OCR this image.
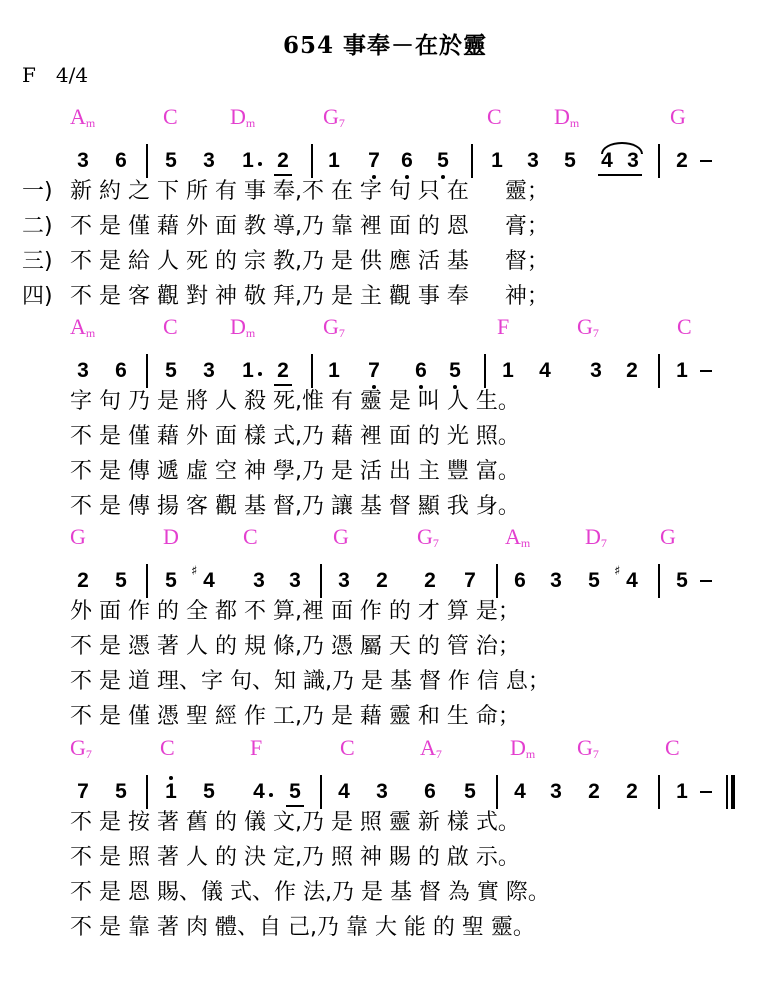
654 事奉－在於靈
F 4/4
$A_m$	C $D_m$	$G_7$	C $D_m$	G
3 6 5 3 1 2 1 7 6 5 1 3 5 4 3 2
一) 新 約 之 下 所 有 事 奉,不 在 字 句 只 在 　 靈；
二) 不 是 僅 藉 外 面 教 導,乃 靠 裡 面 的 恩 　 膏；
三) 不 是 給 人 死 的 宗 教,乃 是 供 應 活 基 　 督；
四) 不 是 客 觀 對 神 敬 拜,乃 是 主 觀 事 奉 　 神；
$A_m$	C $D_m$	$G_7$	F	$G_7$	C
3 6 5 3 1 2 1 7 6 5 1 4 3 2 1
字 句 乃 是 將 人 殺 死,惟 有 靈 是 叫 人 生。
不 是 僅 藉 外 面 樣 式,乃 藉 裡 面 的 光 照。
不 是 傳 遞 虛 空 神 學,乃 是 活 出 主 豐 富。
不 是 傳 揚 客 觀 基 督,乃 讓 基 督 顯 我 身。
G	D	C	G	$G_7$	$A_m$ $D_7$ G
2 5 5 4
♯	3 3 3 2 2 7 6 3 5 4
♯	5
外 面 作 的 全 都 不 算,裡 面 作 的 才 算 是；
不 是 憑 著 人 的 規 條,乃 憑 屬 天 的 管 治；
不 是 道 理、字 句、知 識,乃 是 基 督 作 信 息；
不 是 僅 憑 聖 經 作 工,乃 是 藉 靈 和 生 命；
$G_7$	C	F	C	$A_7$	$D_m$ $G_7$	C
7 5 1 5 4 5 4 3 6 5 4 3 2 2 1
不 是 按 著 舊 的 儀 文,乃 是 照 靈 新 樣 式。
不 是 照 著 人 的 決 定,乃 照 神 賜 的 啟 示。
不 是 恩 賜、儀 式、作 法,乃 是 基 督 為 實 際。
不 是 靠 著 肉 體、自 己,乃 靠 大 能 的 聖 靈。
